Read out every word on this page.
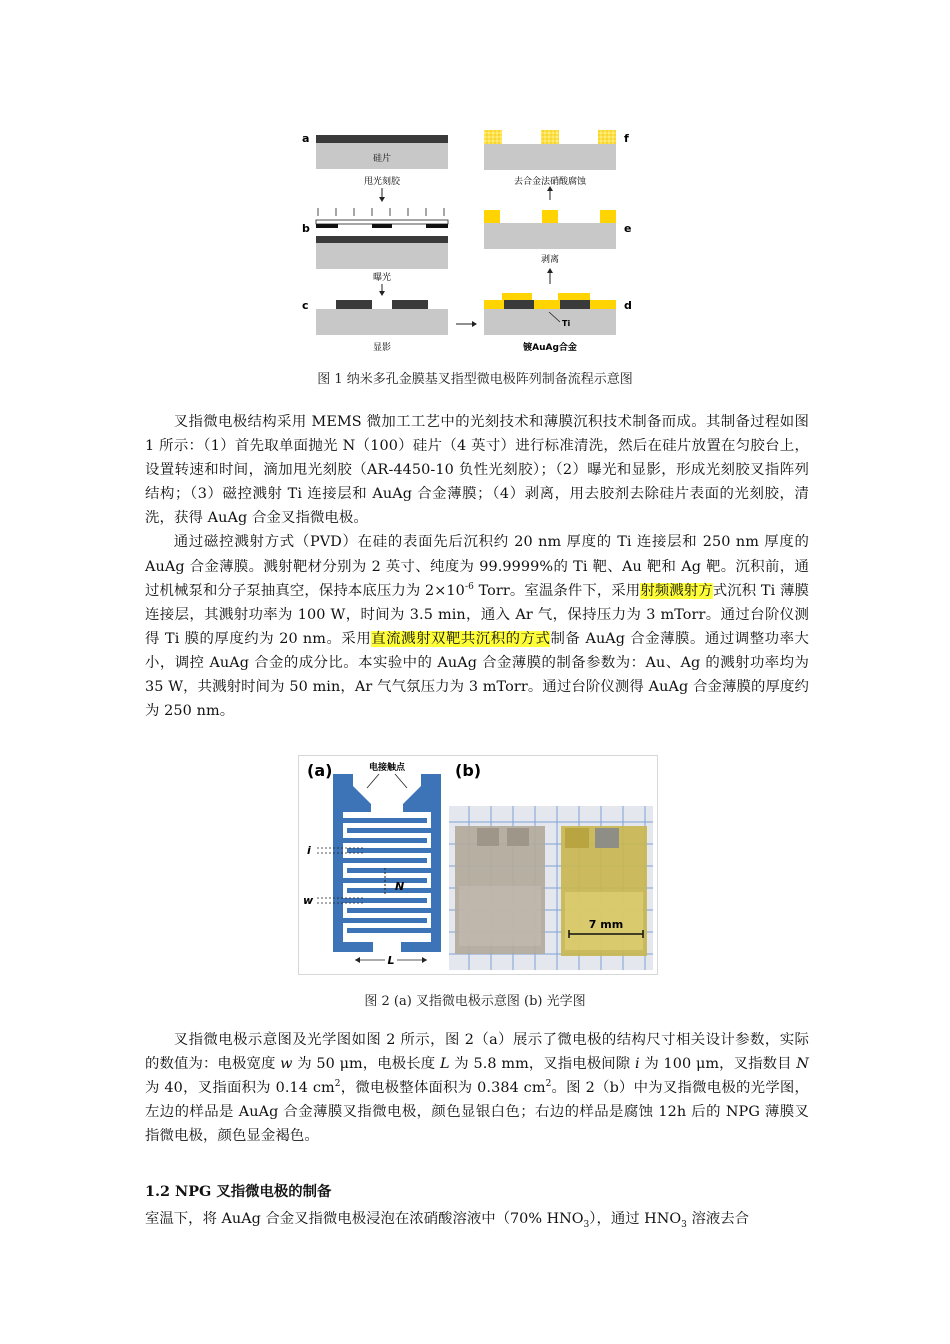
a
硅片
甩光刻胶
b
曝光
c
显影
d
Ti
镀AuAg合金
e
剥离
f
去合金法硝酸腐蚀
图 1 纳米多孔金膜基叉指型微电极阵列制备流程示意图

叉指微电极结构采用 MEMS 微加工工艺中的光刻技术和薄膜沉积技术制备而成。其制备过程如图 1 所示：（1）首先取单面抛光 N（100）硅片（4 英寸）进行标准清洗，然后在硅片放置在匀胶台上，设置转速和时间，滴加甩光刻胶（AR-4450-10 负性光刻胶）；（2）曝光和显影，形成光刻胶叉指阵列结构；（3）磁控溅射 Ti 连接层和 AuAg 合金薄膜；（4）剥离，用去胶剂去除硅片表面的光刻胶，清洗，获得 AuAg 合金叉指微电极。

通过磁控溅射方式（PVD）在硅的表面先后沉积约 20 nm 厚度的 Ti 连接层和 250 nm 厚度的 AuAg 合金薄膜。溅射靶材分别为 2 英寸、纯度为 99.9999%的 Ti 靶、Au 靶和 Ag 靶。沉积前，通过机械泵和分子泵抽真空，保持本底压力为 $2\times 10^{-6}$ Torr。室温条件下，采用射频溅射方式沉积 Ti 薄膜连接层，其溅射功率为 100 W，时间为 3.5 min，通入 Ar 气，保持压力为 3 mTorr。通过台阶仪测得 Ti 膜的厚度约为 20 nm。采用直流溅射双靶共沉积的方式制备 AuAg 合金薄膜。通过调整功率大小，调控 AuAg 合金的成分比。本实验中的 AuAg 合金薄膜的制备参数为：Au、Ag 的溅射功率均为 35 W，共溅射时间为 50 min，Ar 气气氛压力为 3 mTorr。通过台阶仪测得 AuAg 合金薄膜的厚度约为 250 nm。

(a)	电接触点
i
w
N
L
(b)
7 mm
图 2 (a) 叉指微电极示意图 (b) 光学图

叉指微电极示意图及光学图如图 2 所示，图 2（a）展示了微电极的结构尺寸相关设计参数，实际的数值为：电极宽度 w 为 50 μm，电极长度 L 为 5.8 mm，叉指电极间隙 i 为 100 μm，叉指数目 N 为 40，叉指面积为 0.14 $cm^2$，微电极整体面积为 0.384 $cm^2$。图 2（b）中为叉指微电极的光学图，左边的样品是 AuAg 合金薄膜叉指微电极，颜色显银白色；右边的样品是腐蚀 12h 后的 NPG 薄膜叉指微电极，颜色显金褐色。

1.2 NPG 叉指微电极的制备
室温下，将 AuAg 合金叉指微电极浸泡在浓硝酸溶液中（70% $HNO_3$），通过 $HNO_3$ 溶液去合
